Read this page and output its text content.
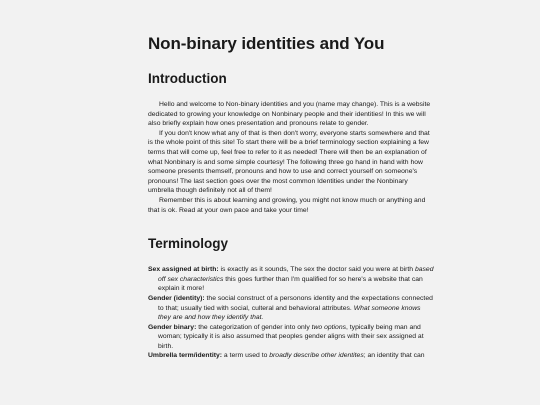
Non-binary identities and You
Introduction

Hello and welcome to Non-binary identities and you (name may change). This is a website dedicated to growing your knowledge on Nonbinary people and their identities! In this we will also briefly explain how ones presentation and pronouns relate to gender.

If you don't know what any of that is then don't worry, everyone starts somewhere and that is the whole point of this site! To start there will be a brief terminology section explaining a few terms that will come up, feel free to refer to it as needed! There will then be an explanation of what Nonbinary is and some simple courtesy! The following three go hand in hand with how someone presents themself, pronouns and how to use and correct yourself on someone's pronouns! The last section goes over the most common Identities under the Nonbinary umbrella though definitely not all of them!

Remember this is about learning and growing, you might not know much or anything and that is ok. Read at your own pace and take your time!

Terminology

Sex assigned at birth: is exactly as it sounds, The sex the doctor said you were at birth based off sex characteristics this goes further than I'm qualified for so here's a website that can explain it more!

Gender (identity): the social construct of a personons identity and the expectations connected to that; usually tied with social, culteral and behavioral attributes. What someone knows they are and how they identify that.

Gender binary: the categorization of gender into only two options, typically being man and woman; typically it is also assumed that peoples gender aligns with their sex assigned at birth.

Umbrella term/identity: a term used to broadly describe other identites; an identity that can
